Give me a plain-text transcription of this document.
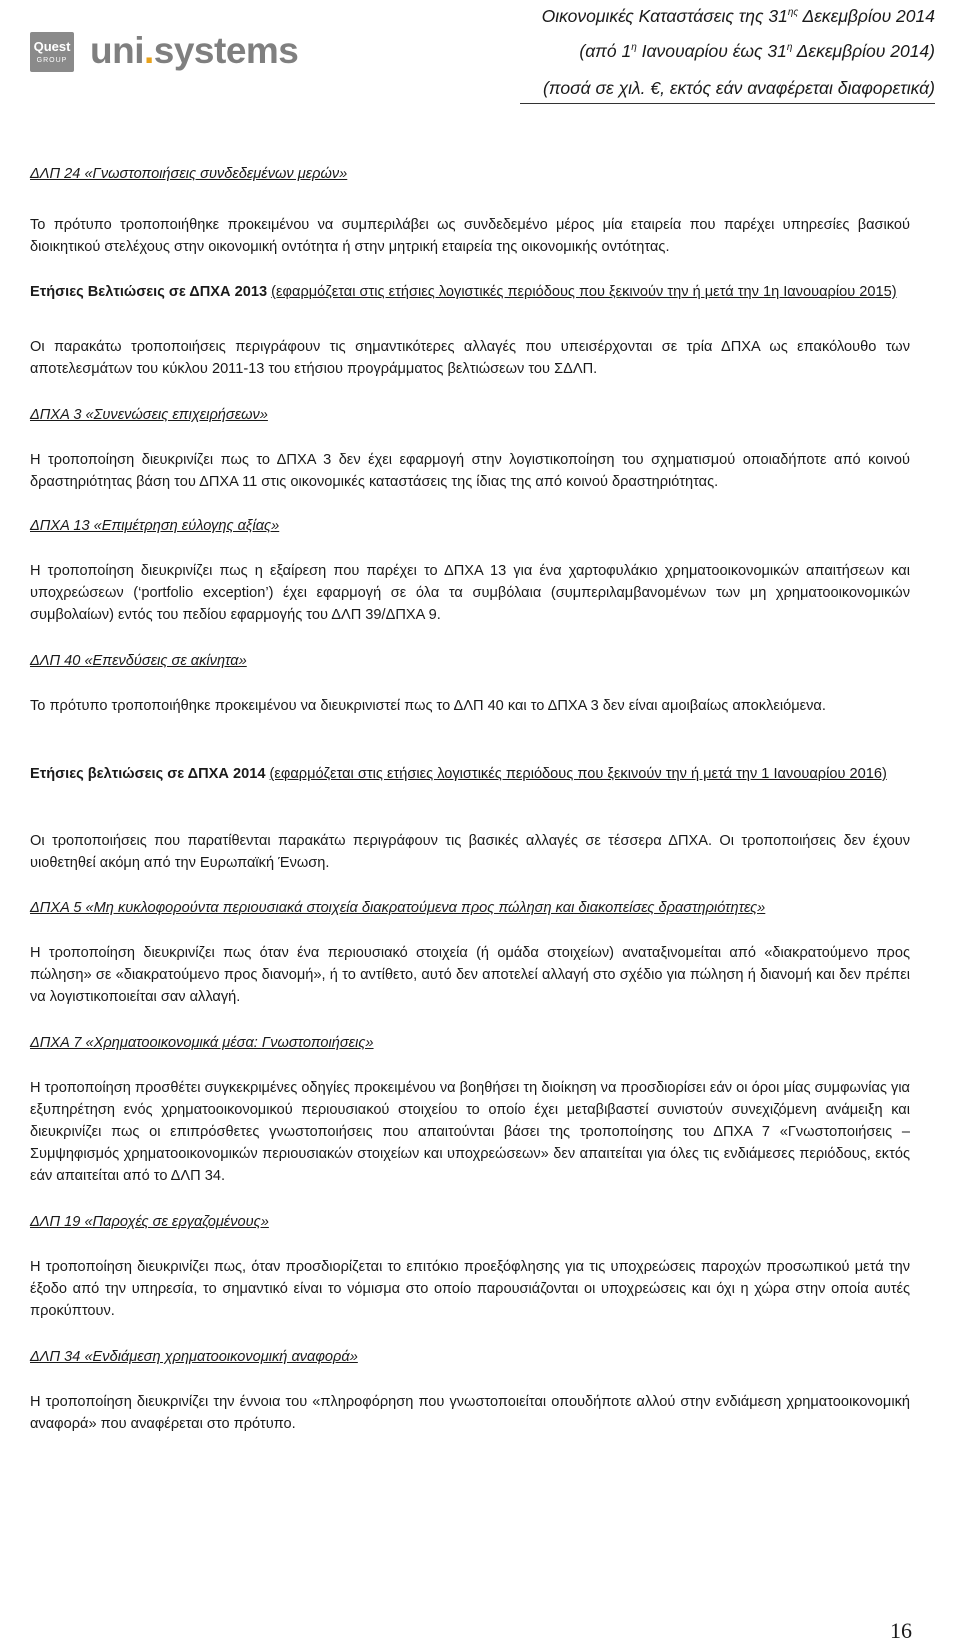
Quest
GROUP uni.systems
Οικονομικές Καταστάσεις της $31^{\eta\varsigma}$ Δεκεμβρίου 2014
(από $1^\eta$ Ιανουαρίου έως $31^\eta$ Δεκεμβρίου 2014)
(ποσά σε χιλ. €, εκτός εάν αναφέρεται διαφορετικά)

ΔΛΠ 24 «Γνωστοποιήσεις συνδεδεμένων μερών»

Το πρότυπο τροποποιήθηκε προκειμένου να συμπεριλάβει ως συνδεδεμένο μέρος μία εταιρεία που παρέχει υπηρεσίες βασικού διοικητικού στελέχους στην οικονομική οντότητα ή στην μητρική εταιρεία της οικονομικής οντότητας.

Ετήσιες Βελτιώσεις σε ΔΠΧΑ 2013 (εφαρμόζεται στις ετήσιες λογιστικές περιόδους που ξεκινούν την ή μετά την 1η Ιανουαρίου 2015)

Οι παρακάτω τροποποιήσεις περιγράφουν τις σημαντικότερες αλλαγές που υπεισέρχονται σε τρία ΔΠΧΑ ως επακόλουθο των αποτελεσμάτων του κύκλου 2011-13 του ετήσιου προγράμματος βελτιώσεων του ΣΔΛΠ.

ΔΠΧΑ 3 «Συνενώσεις επιχειρήσεων»

Η τροποποίηση διευκρινίζει πως το ΔΠΧΑ 3 δεν έχει εφαρμογή στην λογιστικοποίηση του σχηματισμού οποιαδήποτε από κοινού δραστηριότητας βάση του ΔΠΧΑ 11 στις οικονομικές καταστάσεις της ίδιας της από κοινού δραστηριότητας.

ΔΠΧΑ 13 «Επιμέτρηση εύλογης αξίας»

Η τροποποίηση διευκρινίζει πως η εξαίρεση που παρέχει το ΔΠΧΑ 13 για ένα χαρτοφυλάκιο χρηματοοικονομικών απαιτήσεων και υποχρεώσεων (‘portfolio exception’) έχει εφαρμογή σε όλα τα συμβόλαια (συμπεριλαμβανομένων των μη χρηματοοικονομικών συμβολαίων) εντός του πεδίου εφαρμογής του ΔΛΠ 39/ΔΠΧΑ 9.

ΔΛΠ 40 «Επενδύσεις σε ακίνητα»

Το πρότυπο τροποποιήθηκε προκειμένου να διευκρινιστεί πως το ΔΛΠ 40 και το ΔΠΧΑ 3 δεν είναι αμοιβαίως αποκλειόμενα.

Ετήσιες βελτιώσεις σε ΔΠΧΑ 2014 (εφαρμόζεται στις ετήσιες λογιστικές περιόδους που ξεκινούν την ή μετά την 1 Ιανουαρίου 2016)

Οι τροποποιήσεις που παρατίθενται παρακάτω περιγράφουν τις βασικές αλλαγές σε τέσσερα ΔΠΧΑ. Οι τροποποιήσεις δεν έχουν υιοθετηθεί ακόμη από την Ευρωπαϊκή Ένωση.

ΔΠΧΑ 5 «Μη κυκλοφορούντα περιουσιακά στοιχεία διακρατούμενα προς πώληση και διακοπείσες δραστηριότητες»

Η τροποποίηση διευκρινίζει πως όταν ένα περιουσιακό στοιχεία (ή ομάδα στοιχείων) αναταξινομείται από «διακρατούμενο προς πώληση» σε «διακρατούμενο προς διανομή», ή το αντίθετο, αυτό δεν αποτελεί αλλαγή στο σχέδιο για πώληση ή διανομή και δεν πρέπει να λογιστικοποιείται σαν αλλαγή.

ΔΠΧΑ 7 «Χρηματοοικονομικά μέσα: Γνωστοποιήσεις»

Η τροποποίηση προσθέτει συγκεκριμένες οδηγίες προκειμένου να βοηθήσει τη διοίκηση να προσδιορίσει εάν οι όροι μίας συμφωνίας για εξυπηρέτηση ενός χρηματοοικονομικού περιουσιακού στοιχείου το οποίο έχει μεταβιβαστεί συνιστούν συνεχιζόμενη ανάμειξη και διευκρινίζει πως οι επιπρόσθετες γνωστοποιήσεις που απαιτούνται βάσει της τροποποίησης του ΔΠΧΑ 7 «Γνωστοποιήσεις – Συμψηφισμός χρηματοοικονομικών περιουσιακών στοιχείων και υποχρεώσεων» δεν απαιτείται για όλες τις ενδιάμεσες περιόδους, εκτός εάν απαιτείται από το ΔΛΠ 34.

ΔΛΠ 19 «Παροχές σε εργαζομένους»

Η τροποποίηση διευκρινίζει πως, όταν προσδιορίζεται το επιτόκιο προεξόφλησης για τις υποχρεώσεις παροχών προσωπικού μετά την έξοδο από την υπηρεσία, το σημαντικό είναι το νόμισμα στο οποίο παρουσιάζονται οι υποχρεώσεις και όχι η χώρα στην οποία αυτές προκύπτουν.

ΔΛΠ 34 «Ενδιάμεση χρηματοοικονομική αναφορά»

Η τροποποίηση διευκρινίζει την έννοια του «πληροφόρηση που γνωστοποιείται οπουδήποτε αλλού στην ενδιάμεση χρηματοοικονομική αναφορά» που αναφέρεται στο πρότυπο.

16
